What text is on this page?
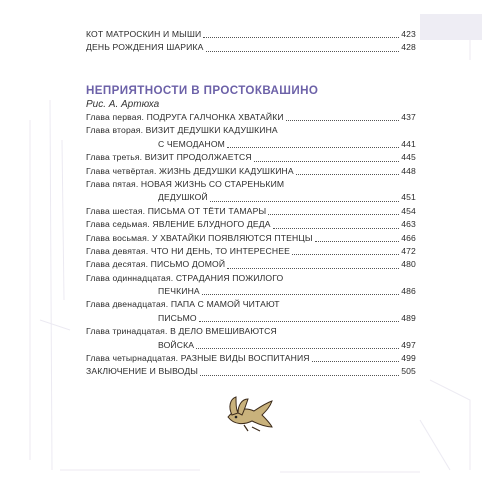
КОТ МАТРОСКИН И МЫШИ	423
ДЕНЬ РОЖДЕНИЯ ШАРИКА	428
НЕПРИЯТНОСТИ В ПРОСТОКВАШИНО
Рис. А. Артюха
Глава первая. ПОДРУГА ГАЛЧОНКА ХВАТАЙКИ	437
Глава вторая. ВИЗИТ ДЕДУШКИ КАДУШКИНА
С ЧЕМОДАНОМ	441
Глава третья. ВИЗИТ ПРОДОЛЖАЕТСЯ	445
Глава четвёртая. ЖИЗНЬ ДЕДУШКИ КАДУШКИНА	448
Глава пятая. НОВАЯ ЖИЗНЬ СО СТАРЕНЬКИМ
ДЕДУШКОЙ	451
Глава шестая. ПИСЬМА ОТ ТЁТИ ТАМАРЫ	454
Глава седьмая. ЯВЛЕНИЕ БЛУДНОГО ДЕДА	463
Глава восьмая. У ХВАТАЙКИ ПОЯВЛЯЮТСЯ ПТЕНЦЫ	466
Глава девятая. ЧТО НИ ДЕНЬ, ТО ИНТЕРЕСНЕЕ	472
Глава десятая. ПИСЬМО ДОМОЙ	480
Глава одиннадцатая. СТРАДАНИЯ ПОЖИЛОГО
ПЕЧКИНА	486
Глава двенадцатая. ПАПА С МАМОЙ ЧИТАЮТ
ПИСЬМО	489
Глава тринадцатая. В ДЕЛО ВМЕШИВАЮТСЯ
ВОЙСКА	497
Глава четырнадцатая. РАЗНЫЕ ВИДЫ ВОСПИТАНИЯ	499
ЗАКЛЮЧЕНИЕ И ВЫВОДЫ	505
